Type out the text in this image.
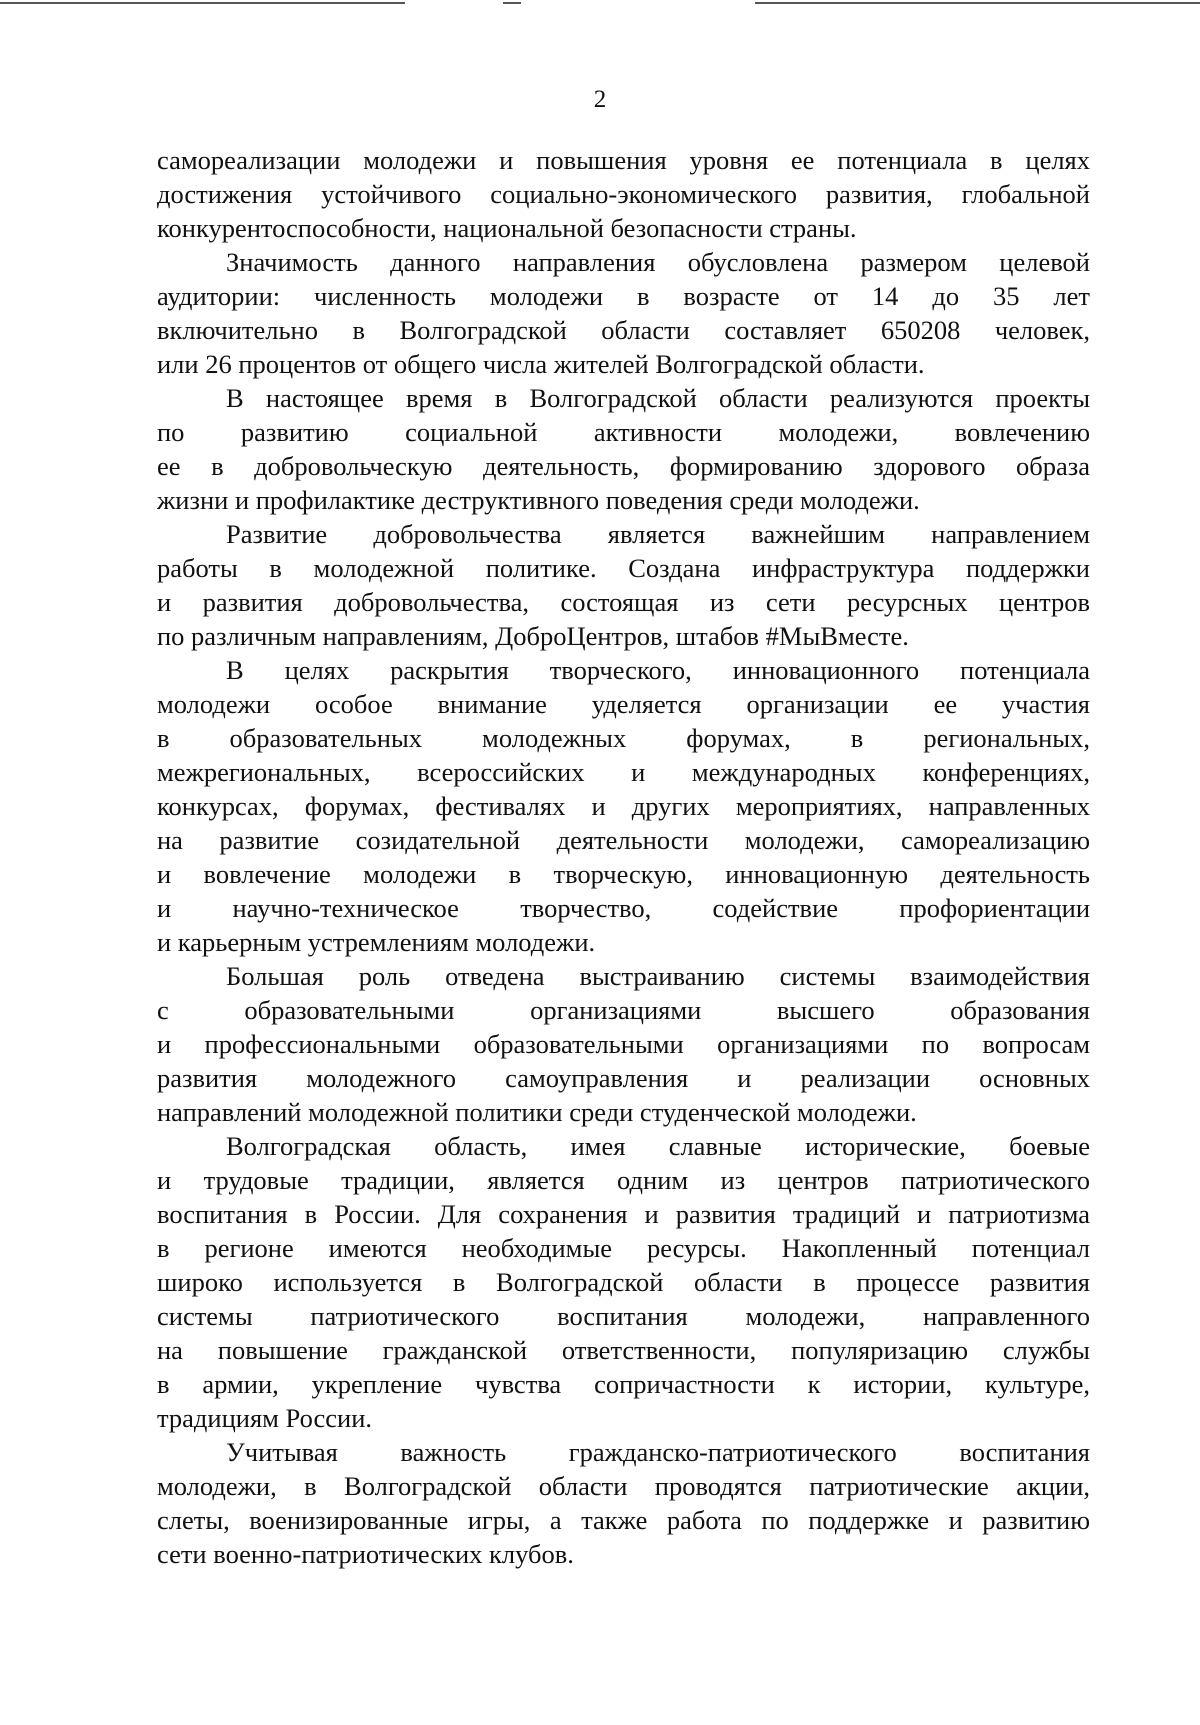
2
самореализации молодежи и повышения уровня ее потенциала в целях
достижения устойчивого социально-экономического развития, глобальной
конкурентоспособности, национальной безопасности страны.
Значимость данного направления обусловлена размером целевой
аудитории: численность молодежи в возрасте от 14 до 35 лет
включительно в Волгоградской области составляет 650208 человек,
или 26 процентов от общего числа жителей Волгоградской области.
В настоящее время в Волгоградской области реализуются проекты
по развитию социальной активности молодежи, вовлечению
ее в добровольческую деятельность, формированию здорового образа
жизни и профилактике деструктивного поведения среди молодежи.
Развитие добровольчества является важнейшим направлением
работы в молодежной политике. Создана инфраструктура поддержки
и развития добровольчества, состоящая из сети ресурсных центров
по различным направлениям, ДоброЦентров, штабов #МыВместе.
В целях раскрытия творческого, инновационного потенциала
молодежи особое внимание уделяется организации ее участия
в образовательных молодежных форумах, в региональных,
межрегиональных, всероссийских и международных конференциях,
конкурсах, форумах, фестивалях и других мероприятиях, направленных
на развитие созидательной деятельности молодежи, самореализацию
и вовлечение молодежи в творческую, инновационную деятельность
и научно-техническое творчество, содействие профориентации
и карьерным устремлениям молодежи.
Большая роль отведена выстраиванию системы взаимодействия
с образовательными организациями высшего образования
и профессиональными образовательными организациями по вопросам
развития молодежного самоуправления и реализации основных
направлений молодежной политики среди студенческой молодежи.
Волгоградская область, имея славные исторические, боевые
и трудовые традиции, является одним из центров патриотического
воспитания в России. Для сохранения и развития традиций и патриотизма
в регионе имеются необходимые ресурсы. Накопленный потенциал
широко используется в Волгоградской области в процессе развития
системы патриотического воспитания молодежи, направленного
на повышение гражданской ответственности, популяризацию службы
в армии, укрепление чувства сопричастности к истории, культуре,
традициям России.
Учитывая важность гражданско-патриотического воспитания
молодежи, в Волгоградской области проводятся патриотические акции,
слеты, военизированные игры, а также работа по поддержке и развитию
сети военно-патриотических клубов.
